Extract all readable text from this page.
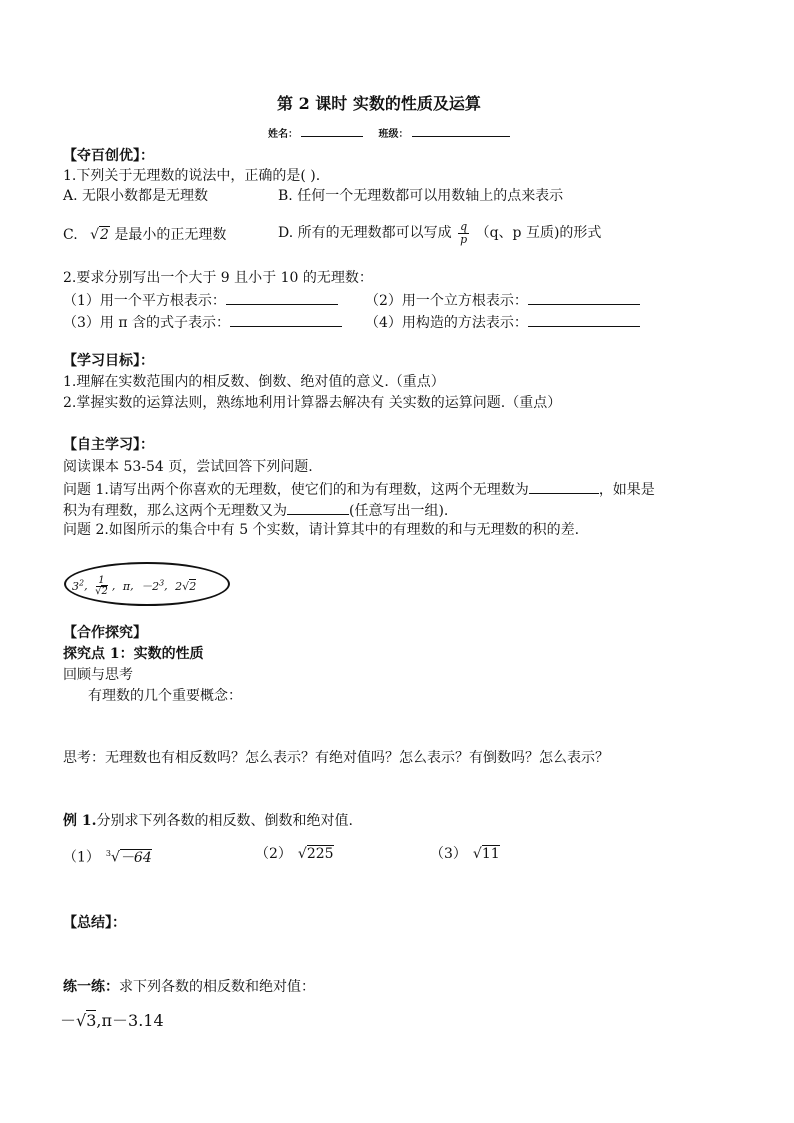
第 2 课时 实数的性质及运算
姓名：	班级：
【夺百创优】：
1.下列关于无理数的说法中，正确的是( ).
A. 无限小数都是无理数	B. 任何一个无理数都可以用数轴上的点来表示
C. √2 是最小的正无理数	D. 所有的无理数都可以写成 $\frac{q}{p} (q$、p 互质)的形式
2.要求分别写出一个大于 9 且小于 10 的无理数：
（1）用一个平方根表示：	（2）用一个立方根表示：
（3）用 π 含的式子表示：	（4）用构造的方法表示：
【学习目标】：
1.理解在实数范围内的相反数、倒数、绝对值的意义.（重点）
2.掌握实数的运算法则，熟练地利用计算器去解决有 关实数的运算问题.（重点）
【自主学习】：
阅读课本 53-54 页，尝试回答下列问题.
问题 1.请写出两个你喜欢的无理数，使它们的和为有理数，这两个无理数为	，如果是
积为有理数，那么这两个无理数又为	(任意写出一组).
问题 2.如图所示的集合中有 5 个实数，请计算其中的有理数的和与无理数的积的差.
$3^2$, $\frac{1}{√2}$ , π, $-2^3$, 2√2
【合作探究】
探究点 1：实数的性质
回顾与思考
有理数的几个重要概念：
思考：无理数也有相反数吗？怎么表示？有绝对值吗？怎么表示？有倒数吗？怎么表示？
例 1.分别求下列各数的相反数、倒数和绝对值.
（1） $^3$√－64	（2） √225	（3） √11
【总结】：
练一练：求下列各数的相反数和绝对值：
－√3,π－3.14
